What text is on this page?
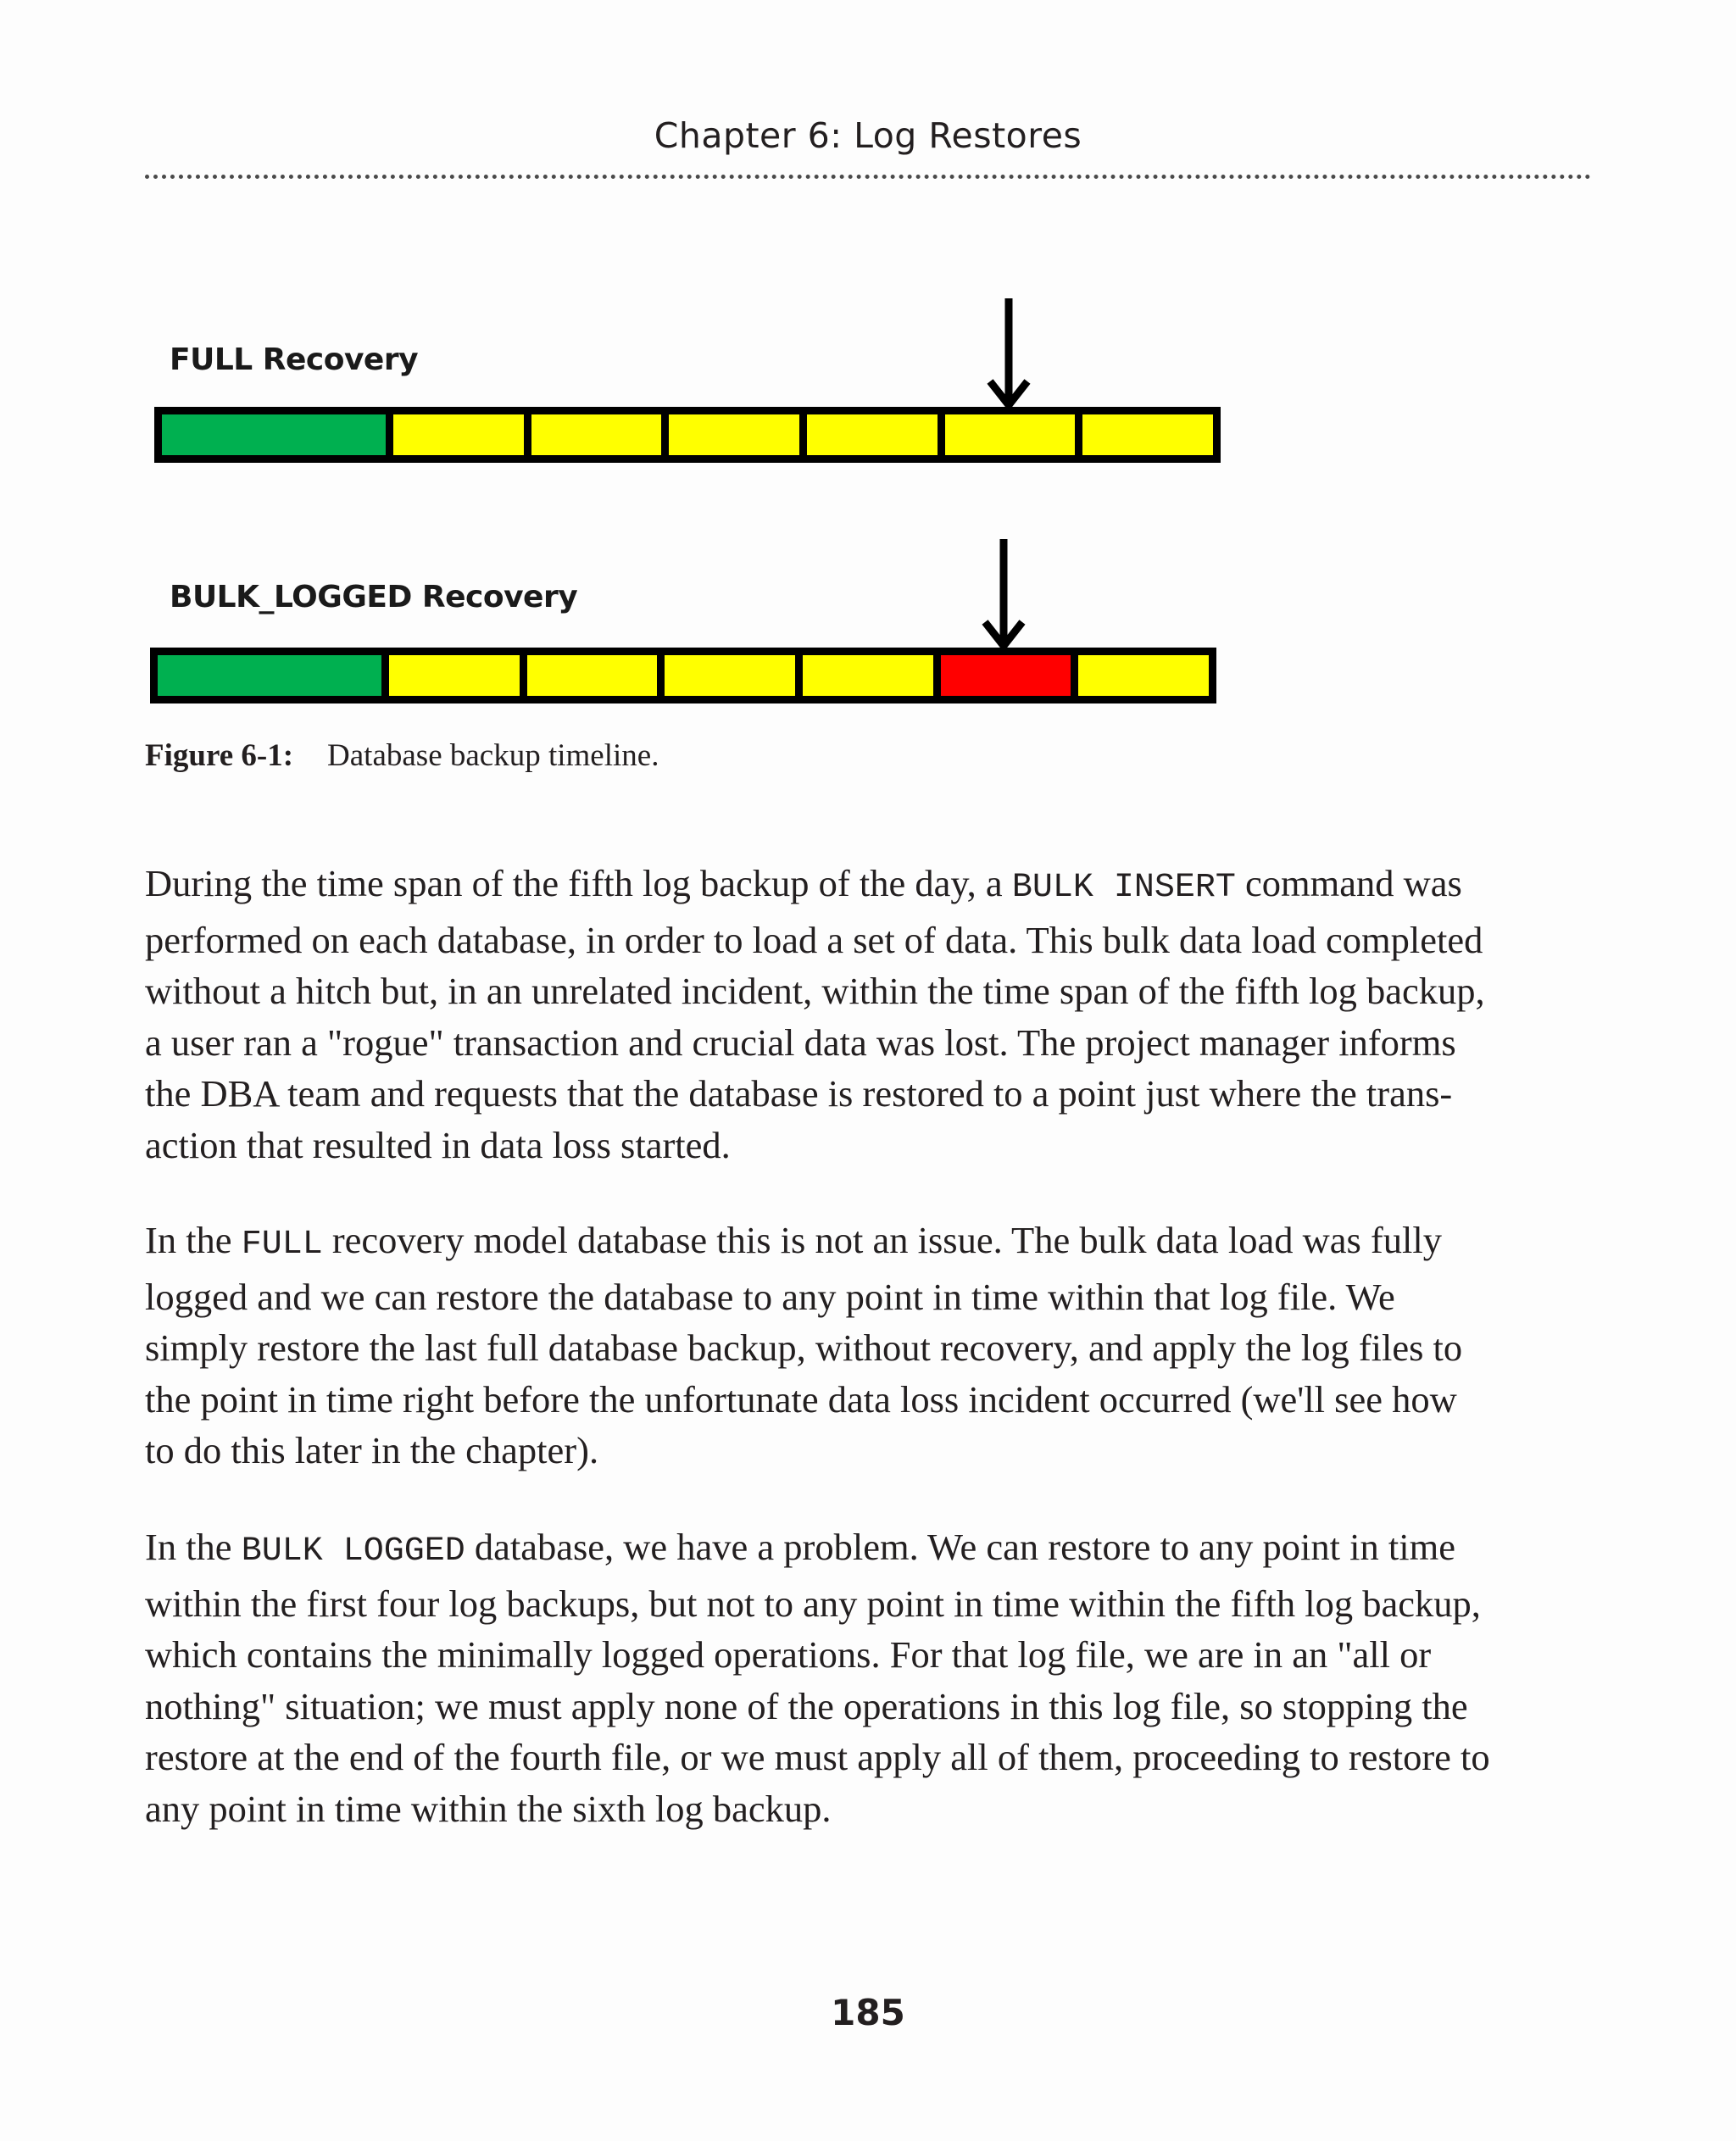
Chapter 6: Log Restores
FULL Recovery
BULK_LOGGED Recovery
Figure 6-1: Database backup timeline.

During the time span of the fifth log backup of the day, a BULK INSERT command was
performed on each database, in order to load a set of data. This bulk data load completed
without a hitch but, in an unrelated incident, within the time span of the fifth log backup,
a user ran a "rogue" transaction and crucial data was lost. The project manager informs
the DBA team and requests that the database is restored to a point just where the trans-
action that resulted in data loss started.

In the FULL recovery model database this is not an issue. The bulk data load was fully
logged and we can restore the database to any point in time within that log file. We
simply restore the last full database backup, without recovery, and apply the log files to
the point in time right before the unfortunate data loss incident occurred (we'll see how
to do this later in the chapter).

In the BULK LOGGED database, we have a problem. We can restore to any point in time
within the first four log backups, but not to any point in time within the fifth log backup,
which contains the minimally logged operations. For that log file, we are in an "all or
nothing" situation; we must apply none of the operations in this log file, so stopping the
restore at the end of the fourth file, or we must apply all of them, proceeding to restore to
any point in time within the sixth log backup.

185
